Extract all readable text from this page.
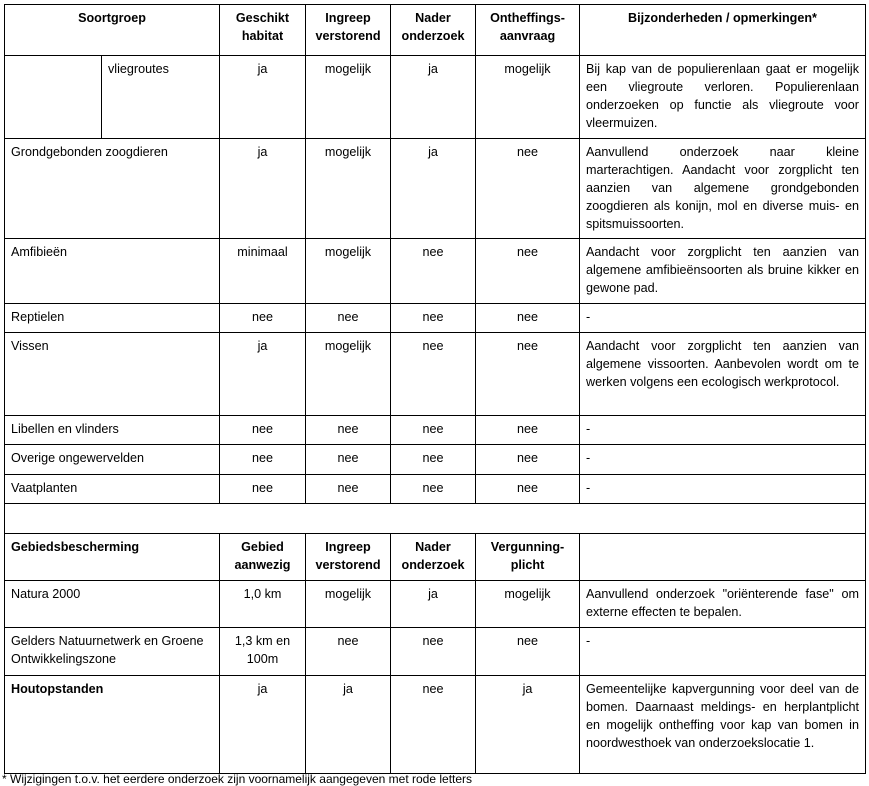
Soortgroep		Geschikt habitat	Ingreep verstorend	Nader onderzoek	Ontheffings-aanvraag	Bijzonderheden / opmerkingen*
	vliegroutes	ja	mogelijk	ja	mogelijk	Bij kap van de populierenlaan gaat er mogelijk een vliegroute verloren. Populierenlaan onderzoeken op functie als vliegroute voor vleermuizen.
Grondgebonden zoogdieren		ja	mogelijk	ja	nee	Aanvullend onderzoek naar kleine marterachtigen. Aandacht voor zorgplicht ten aanzien van algemene grondgebonden zoogdieren als konijn, mol en diverse muis- en spitsmuissoorten.
Amfibieën		minimaal	mogelijk	nee	nee	Aandacht voor zorgplicht ten aanzien van algemene amfibieënsoorten als bruine kikker en gewone pad.
Reptielen		nee	nee	nee	nee	-
Vissen		ja	mogelijk	nee	nee	Aandacht voor zorgplicht ten aanzien van algemene vissoorten. Aanbevolen wordt om te werken volgens een ecologisch werkprotocol.
Libellen en vlinders		nee	nee	nee	nee	-
Overige ongewervelden		nee	nee	nee	nee	-
Vaatplanten		nee	nee	nee	nee	-

Gebiedsbescherming		Gebied aanwezig	Ingreep verstorend	Nader onderzoek	Vergunning-plicht	
Natura 2000		1,0 km	mogelijk	ja	mogelijk	Aanvullend onderzoek "oriënterende fase" om externe effecten te bepalen.
Gelders Natuurnetwerk en Groene Ontwikkelingszone		1,3 km en 100m	nee	nee	nee	-
Houtopstanden		ja	ja	nee	ja	Gemeentelijke kapvergunning voor deel van de bomen. Daarnaast meldings- en herplantplicht en mogelijk ontheffing voor kap van bomen in noordwesthoek van onderzoekslocatie 1.
* Wijzigingen t.o.v. het eerdere onderzoek zijn voornamelijk aangegeven met rode letters
